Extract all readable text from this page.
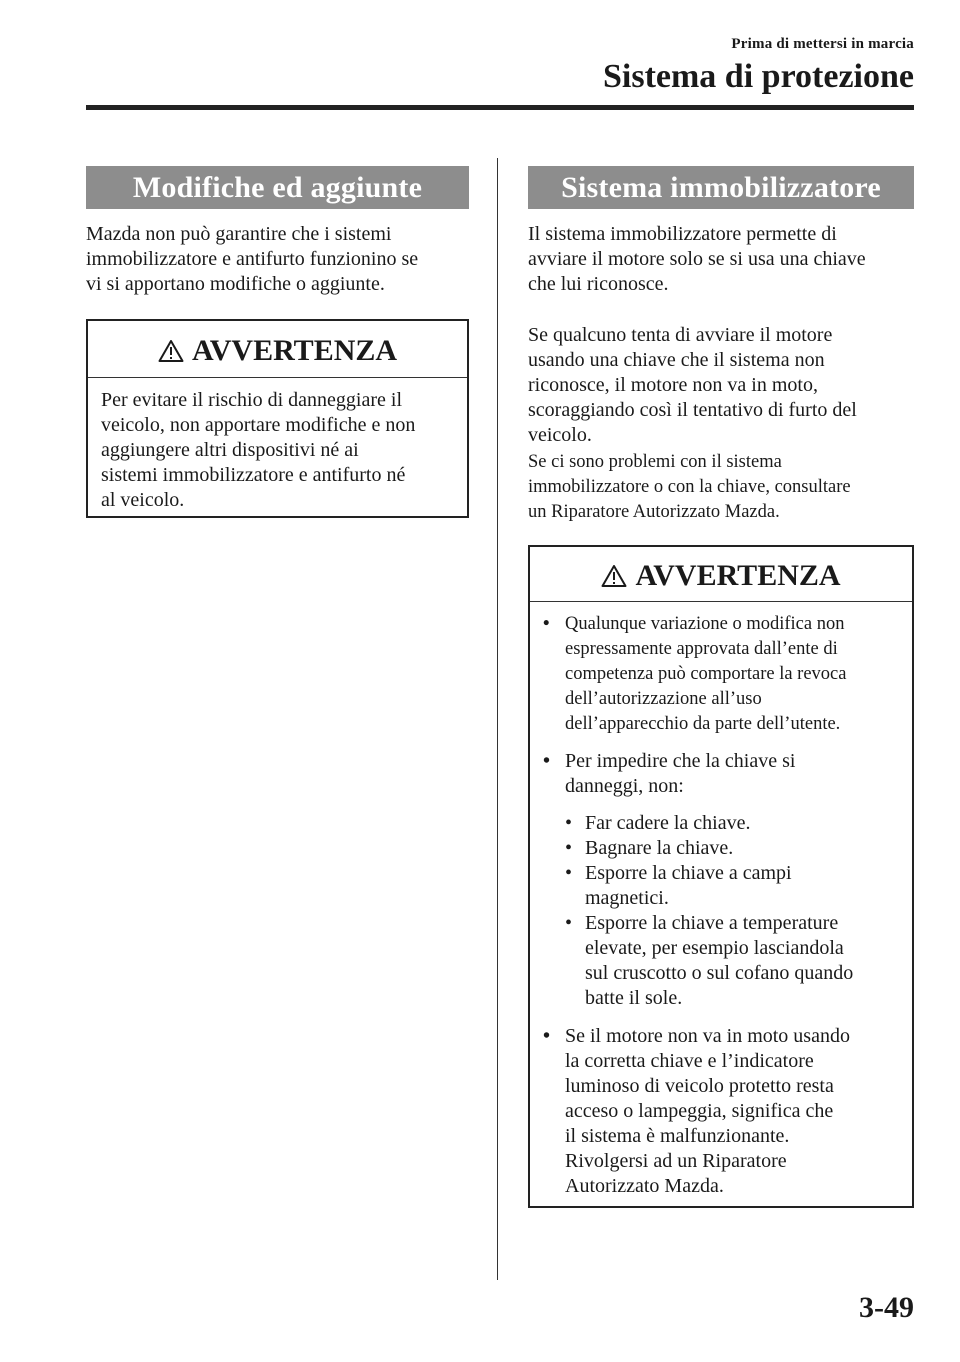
Prima di mettersi in marcia
Sistema di protezione
Modifiche ed aggiunte

Mazda non può garantire che i sistemi

immobilizzatore e antifurto funzionino se

vi si apportano modifiche o aggiunte.

AVVERTENZA

Per evitare il rischio di danneggiare il

veicolo, non apportare modifiche e non

aggiungere altri dispositivi né ai

sistemi immobilizzatore e antifurto né

al veicolo.

Sistema immobilizzatore

Il sistema immobilizzatore permette di

avviare il motore solo se si usa una chiave

che lui riconosce.

Se qualcuno tenta di avviare il motore

usando una chiave che il sistema non

riconosce, il motore non va in moto,

scoraggiando così il tentativo di furto del

veicolo.

Se ci sono problemi con il sistema

immobilizzatore o con la chiave, consultare

un Riparatore Autorizzato Mazda.

AVVERTENZA
• Qualunque variazione o modifica non
espressamente approvata dall’ente di
competenza può comportare la revoca
dell’autorizzazione all’uso
dell’apparecchio da parte dell’utente.
• Per impedire che la chiave si
danneggi, non:
• Far cadere la chiave.
• Bagnare la chiave.
• Esporre la chiave a campi
magnetici.
• Esporre la chiave a temperature
elevate, per esempio lasciandola
sul cruscotto o sul cofano quando
batte il sole.
• Se il motore non va in moto usando
la corretta chiave e l’indicatore
luminoso di veicolo protetto resta
acceso o lampeggia, significa che
il sistema è malfunzionante.
Rivolgersi ad un Riparatore
Autorizzato Mazda.
3-49
